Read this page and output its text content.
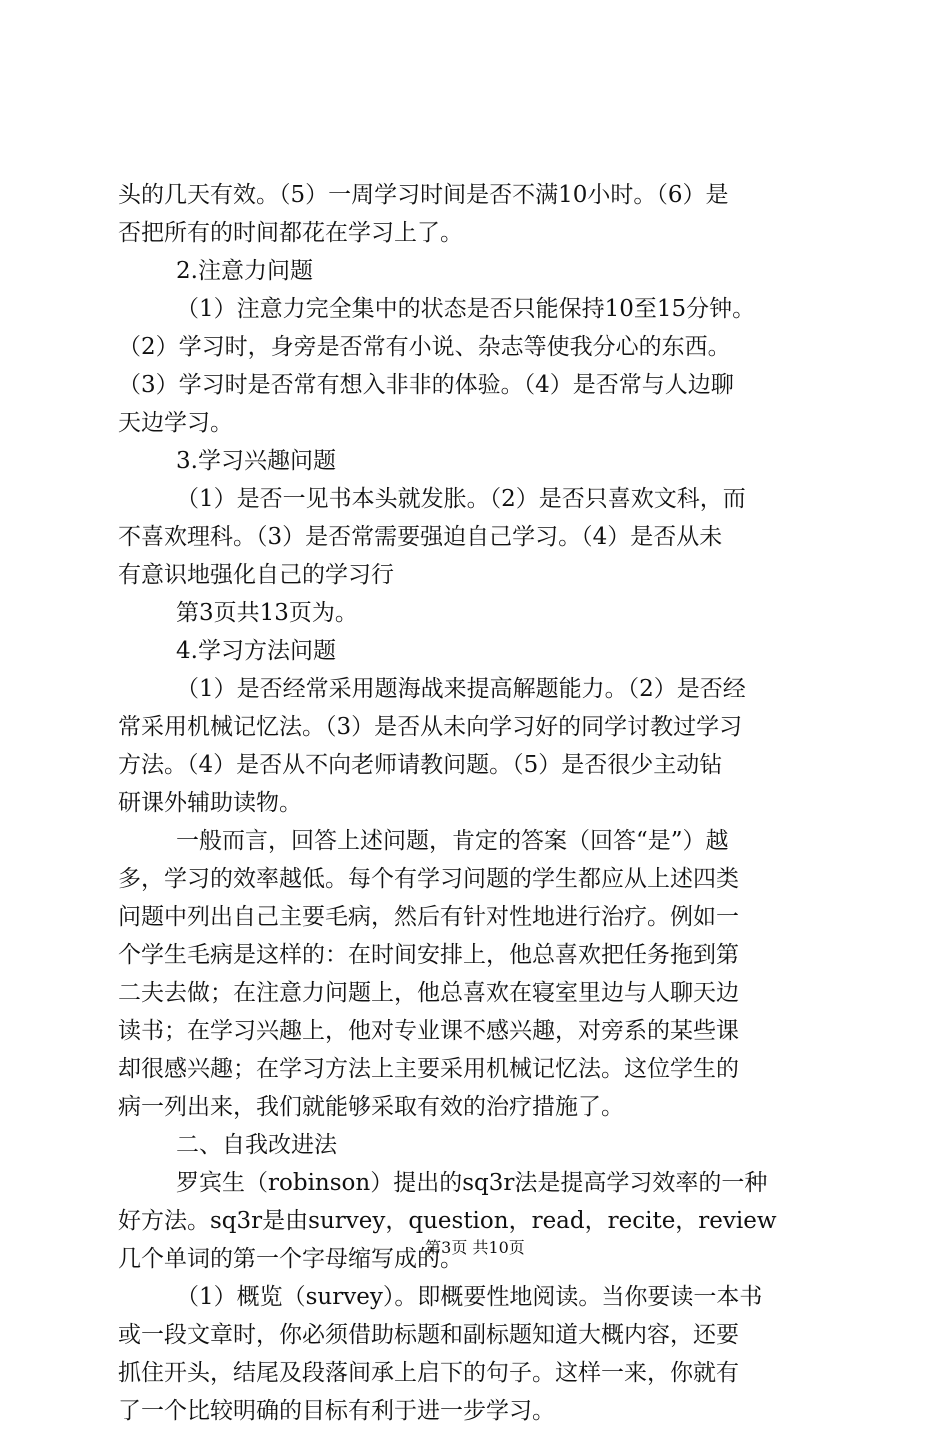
头的几天有效。（5）一周学习时间是否不满10小时。（6）是
否把所有的时间都花在学习上了。
2.注意力问题
（1）注意力完全集中的状态是否只能保持10至15分钟。
（2）学习时，身旁是否常有小说、杂志等使我分心的东西。
（3）学习时是否常有想入非非的体验。（4）是否常与人边聊
天边学习。
3.学习兴趣问题
（1）是否一见书本头就发胀。（2）是否只喜欢文科，而
不喜欢理科。（3）是否常需要强迫自己学习。（4）是否从未
有意识地强化自己的学习行
第3页共13页为。
4.学习方法问题
（1）是否经常采用题海战来提高解题能力。（2）是否经
常采用机械记忆法。（3）是否从未向学习好的同学讨教过学习
方法。（4）是否从不向老师请教问题。（5）是否很少主动钻
研课外辅助读物。
一般而言，回答上述问题，肯定的答案（回答“是”）越
多，学习的效率越低。每个有学习问题的学生都应从上述四类
问题中列出自己主要毛病，然后有针对性地进行治疗。例如一
个学生毛病是这样的：在时间安排上，他总喜欢把任务拖到第
二夫去做；在注意力问题上，他总喜欢在寝室里边与人聊天边
读书；在学习兴趣上，他对专业课不感兴趣，对旁系的某些课
却很感兴趣；在学习方法上主要采用机械记忆法。这位学生的
病一列出来，我们就能够采取有效的治疗措施了。
二、自我改进法
罗宾生（robinson）提出的sq3r法是提高学习效率的一种
好方法。sq3r是由survey，question，read，recite，review
几个单词的第一个字母缩写成的。
（1）概览（survey）。即概要性地阅读。当你要读一本书
或一段文章时，你必须借助标题和副标题知道大概内容，还要
抓住开头，结尾及段落间承上启下的句子。这样一来，你就有
了一个比较明确的目标有利于进一步学习。
第3页 共10页
